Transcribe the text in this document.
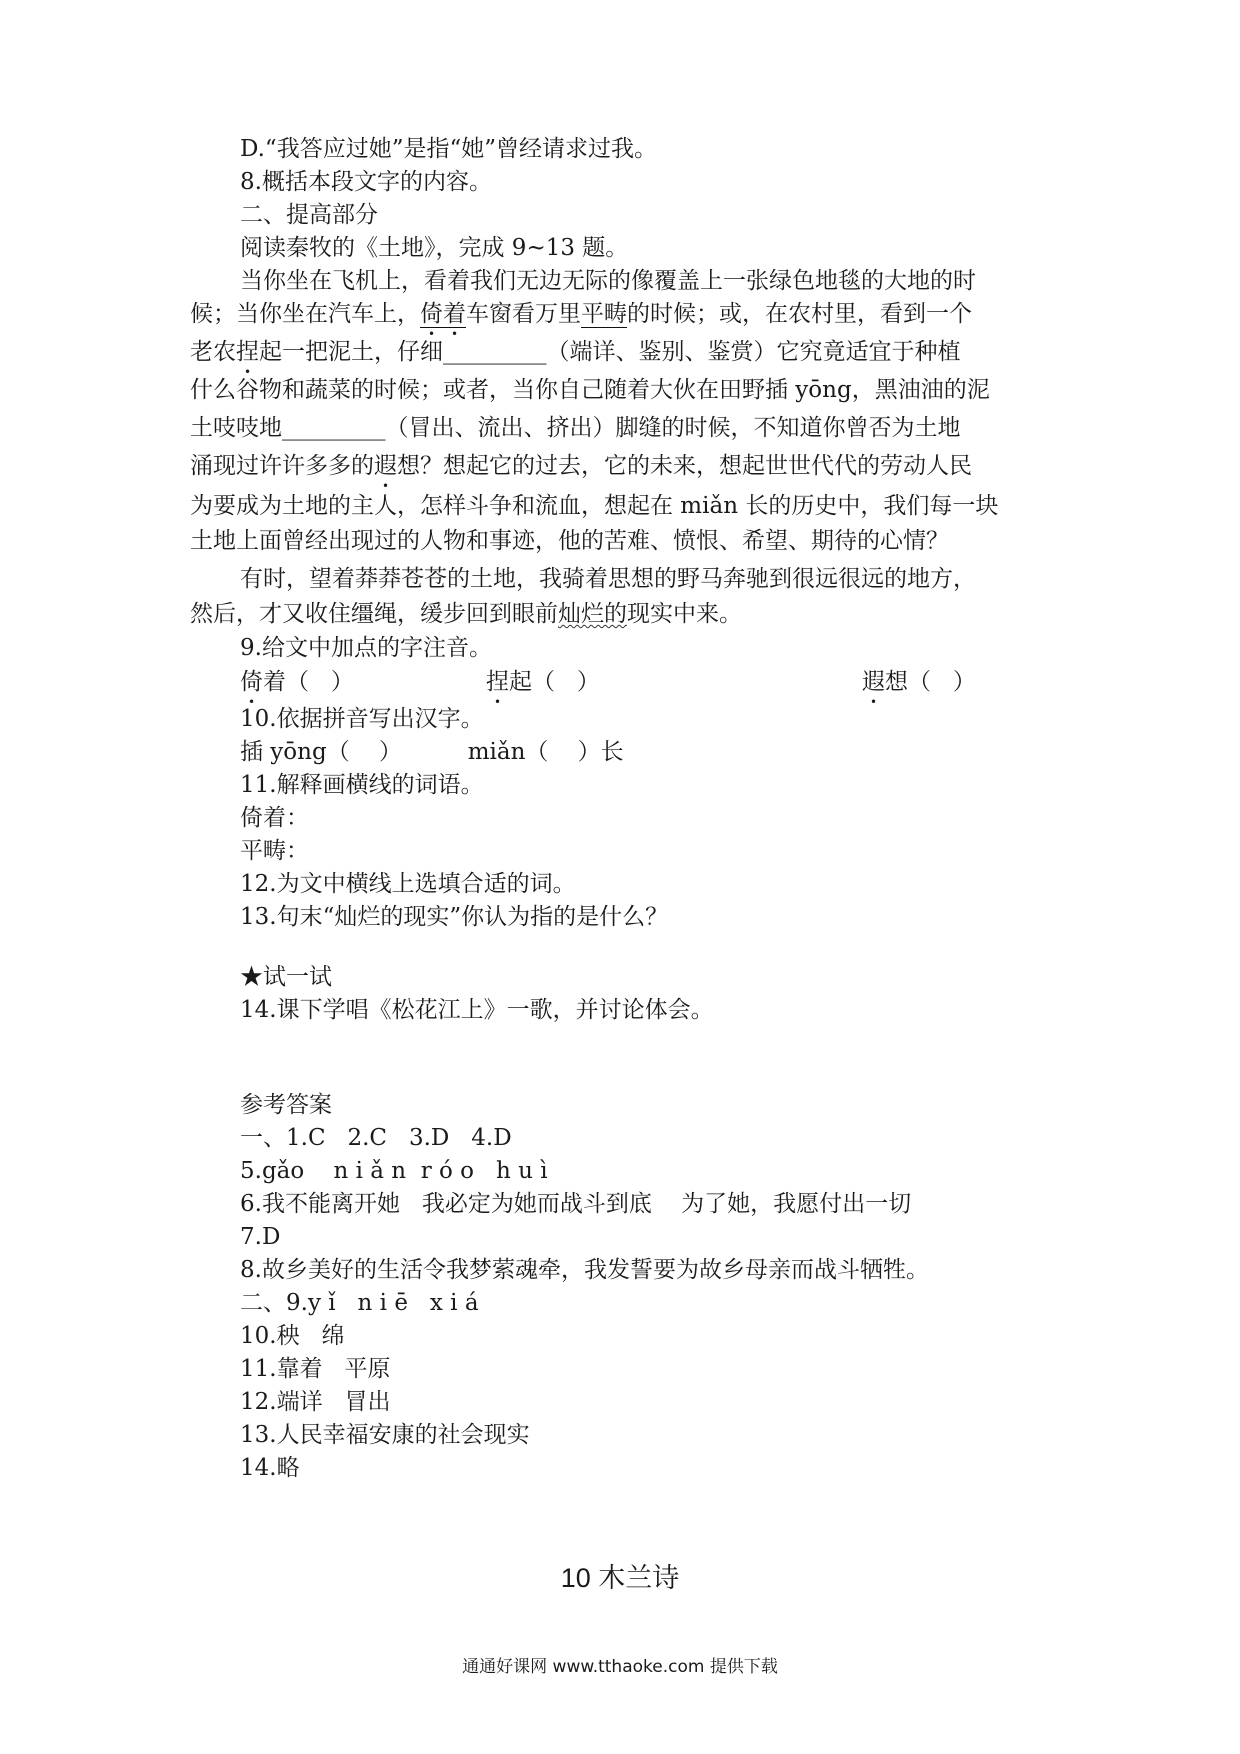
D.“我答应过她”是指“她”曾经请求过我。
8.概括本段文字的内容。
二、提高部分
阅读秦牧的《土地》，完成 9~13 题。
当你坐在飞机上，看着我们无边无际的像覆盖上一张绿色地毯的大地的时
候；当你坐在汽车上，倚着车窗看万里平畴的时候；或，在农村里，看到一个
老农捏起一把泥土，仔细_________（端详、鉴别、鉴赏）它究竟适宜于种植
什么谷物和蔬菜的时候；或者，当你自己随着大伙在田野插 yōng，黑油油的泥
土吱吱地_________（冒出、流出、挤出）脚缝的时候，不知道你曾否为土地
涌现过许许多多的遐想？想起它的过去，它的未来，想起世世代代的劳动人民
为要成为土地的主人，怎样斗争和流血，想起在 miǎn 长的历史中，我们每一块
土地上面曾经出现过的人物和事迹，他的苦难、愤恨、希望、期待的心情？
有时，望着莽莽苍苍的土地，我骑着思想的野马奔驰到很远很远的地方，
然后，才又收住缰绳，缓步回到眼前灿烂的现实中来。
9.给文中加点的字注音。
倚着（   ）	捏起（   ）	遐想（   ）
10.依据拼音写出汉字。
插 yōng（    ）         miǎn（    ）长
11.解释画横线的词语。
倚着：
平畴：
12.为文中横线上选填合适的词。
13.句末“灿烂的现实”你认为指的是什么？
★试一试
14.课下学唱《松花江上》一歌，并讨论体会。
参考答案
一、1.C   2.C   3.D   4.D
5.gǎo    n i ǎ n  r ó o   h u ì
6.我不能离开她   我必定为她而战斗到底    为了她，我愿付出一切
7.D
8.故乡美好的生活令我梦萦魂牵，我发誓要为故乡母亲而战斗牺牲。
二、9.y ǐ   n i ē   x i á
10.秧   绵
11.靠着   平原
12.端详   冒出
13.人民幸福安康的社会现实
14.略
10 木兰诗
通通好课网 www.tthaoke.com 提供下载
